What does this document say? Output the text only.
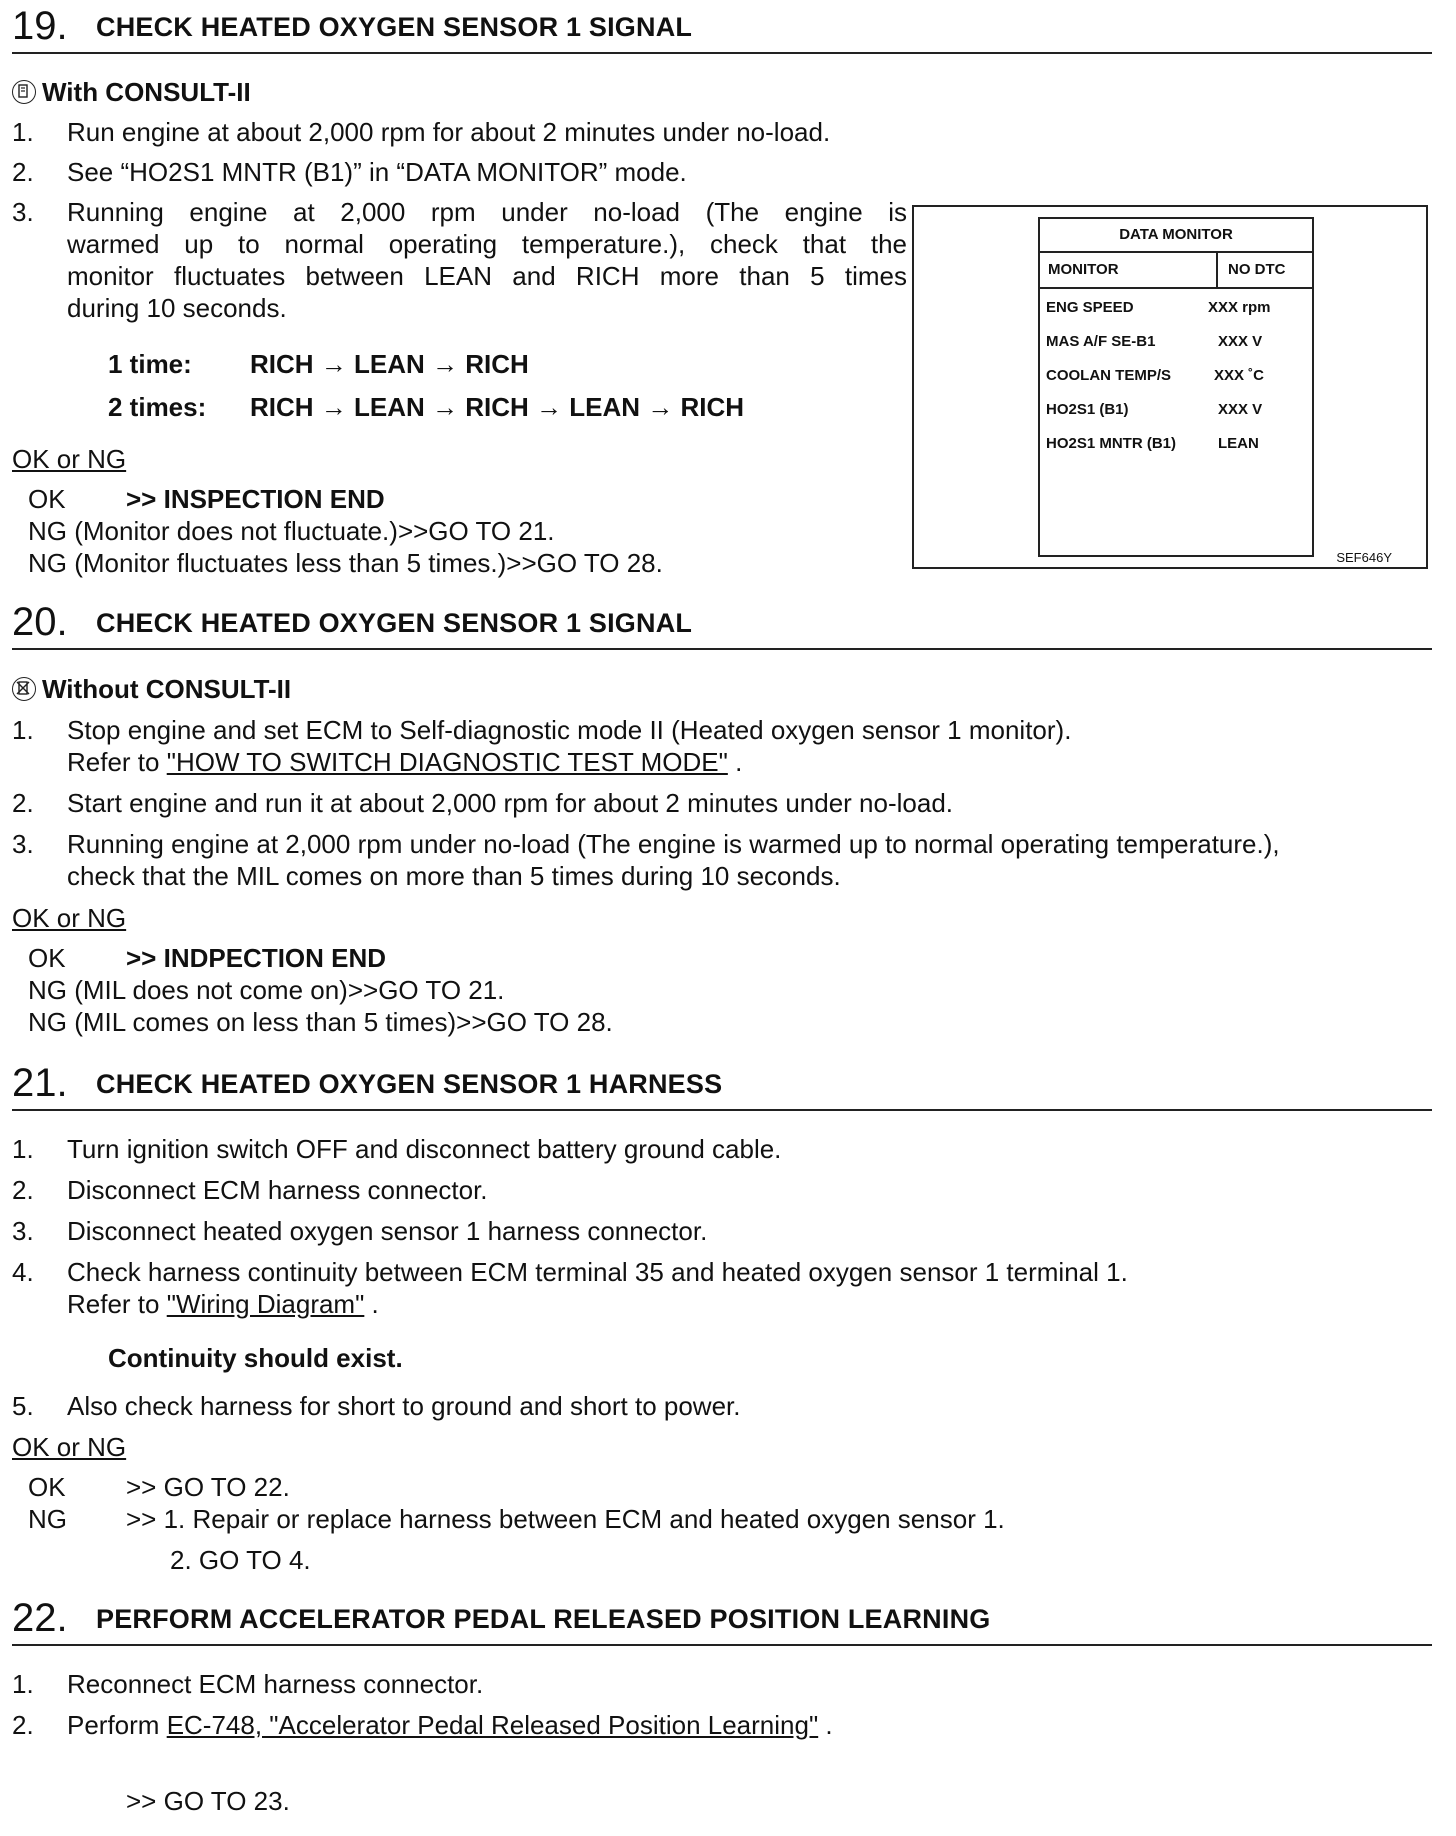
19. CHECK HEATED OXYGEN SENSOR 1 SIGNAL
With CONSULT-II
1.	Run engine at about 2,000 rpm for about 2 minutes under no-load.
2.	See “HO2S1 MNTR (B1)” in “DATA MONITOR” mode.
3. Running engine at 2,000 rpm under no-load (The engine is
warmed up to normal operating temperature.), check that the
monitor fluctuates between LEAN and RICH more than 5 times
during 10 seconds.
1 time: RICH → LEAN → RICH
2 times: RICH → LEAN → RICH → LEAN → RICH
OK or NG
OK >> INSPECTION END
NG (Monitor does not fluctuate.)>>GO TO 21.
NG (Monitor fluctuates less than 5 times.)>>GO TO 28.
DATA MONITOR
MONITOR	NO DTC
ENG SPEED	XXX rpm
MAS A/F SE-B1	XXX V
COOLAN TEMP/S	XXX ˚C
HO2S1 (B1)	XXX V
HO2S1 MNTR (B1)	LEAN
SEF646Y
20. CHECK HEATED OXYGEN SENSOR 1 SIGNAL
Without CONSULT-II
1.	Stop engine and set ECM to Self-diagnostic mode II (Heated oxygen sensor 1 monitor).
Refer to "HOW TO SWITCH DIAGNOSTIC TEST MODE" .
2.	Start engine and run it at about 2,000 rpm for about 2 minutes under no-load.
3.	Running engine at 2,000 rpm under no-load (The engine is warmed up to normal operating temperature.),
check that the MIL comes on more than 5 times during 10 seconds.
OK or NG
OK >> INDPECTION END
NG (MIL does not come on)>>GO TO 21.
NG (MIL comes on less than 5 times)>>GO TO 28.
21. CHECK HEATED OXYGEN SENSOR 1 HARNESS
1.	Turn ignition switch OFF and disconnect battery ground cable.
2.	Disconnect ECM harness connector.
3.	Disconnect heated oxygen sensor 1 harness connector.
4.	Check harness continuity between ECM terminal 35 and heated oxygen sensor 1 terminal 1.
Refer to "Wiring Diagram" .
Continuity should exist.
5.	Also check harness for short to ground and short to power.
OK or NG
OK >> GO TO 22.
NG >> 1. Repair or replace harness between ECM and heated oxygen sensor 1.
2. GO TO 4.
22. PERFORM ACCELERATOR PEDAL RELEASED POSITION LEARNING
1.	Reconnect ECM harness connector.
2.	Perform EC-748, "Accelerator Pedal Released Position Learning" .
>> GO TO 23.
